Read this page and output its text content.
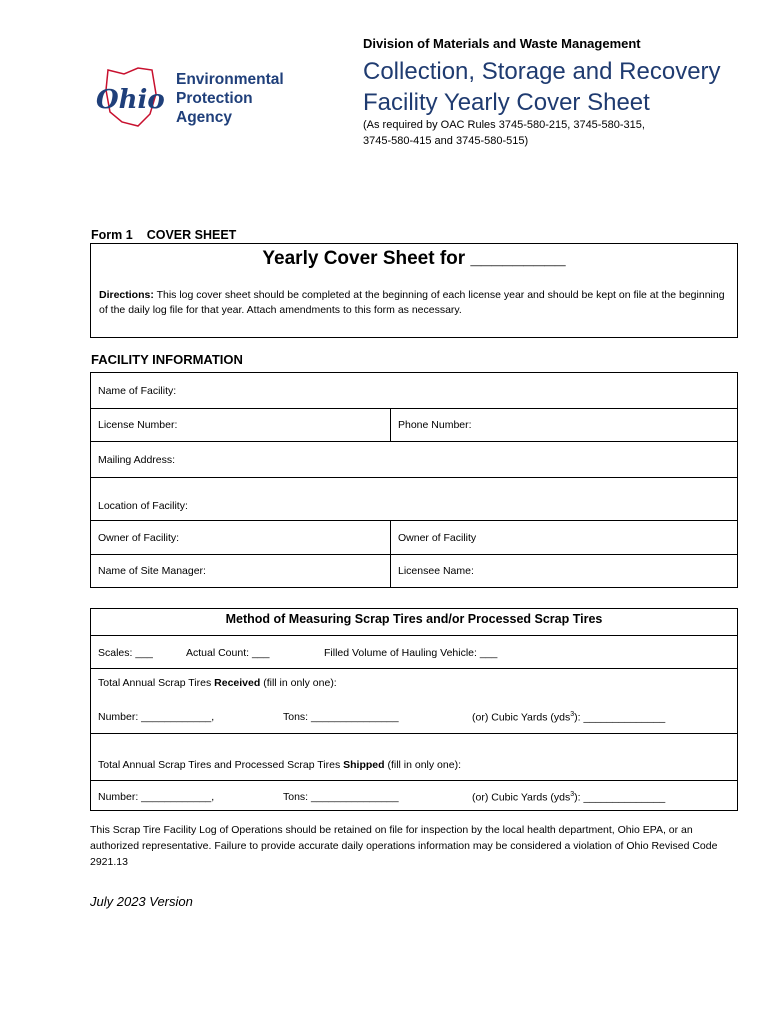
Ohio
Environmental
Protection
Agency
Division of Materials and Waste Management
Collection, Storage and Recovery
Facility Yearly Cover Sheet
(As required by OAC Rules 3745-580-215, 3745-580-315,
3745-580-415 and 3745-580-515)
Form 1 COVER SHEET
Yearly Cover Sheet for _________
Directions: This log cover sheet should be completed at the beginning of each license year and should be kept on file at the beginning of the daily log file for that year. Attach amendments to this form as necessary.
FACILITY INFORMATION
Name of Facility:	
License Number:	Phone Number:
Mailing Address:	
Location of Facility:	
Owner of Facility:	Owner of Facility
Name of Site Manager:	Licensee Name:
Method of Measuring Scrap Tires and/or Processed Scrap Tires
Scales: ___	Actual Count: ___	Filled Volume of Hauling Vehicle: ___
Total Annual Scrap Tires Received (fill in only one):
Number: ____________,	Tons: _______________	(or) Cubic Yards (yds$^3$): ______________
Total Annual Scrap Tires and Processed Scrap Tires Shipped (fill in only one):
Number: ____________,	Tons: _______________	(or) Cubic Yards (yds$^3$): ______________
This Scrap Tire Facility Log of Operations should be retained on file for inspection by the local health department, Ohio EPA, or an authorized representative. Failure to provide accurate daily operations information may be considered a violation of Ohio Revised Code 2921.13
July 2023 Version
